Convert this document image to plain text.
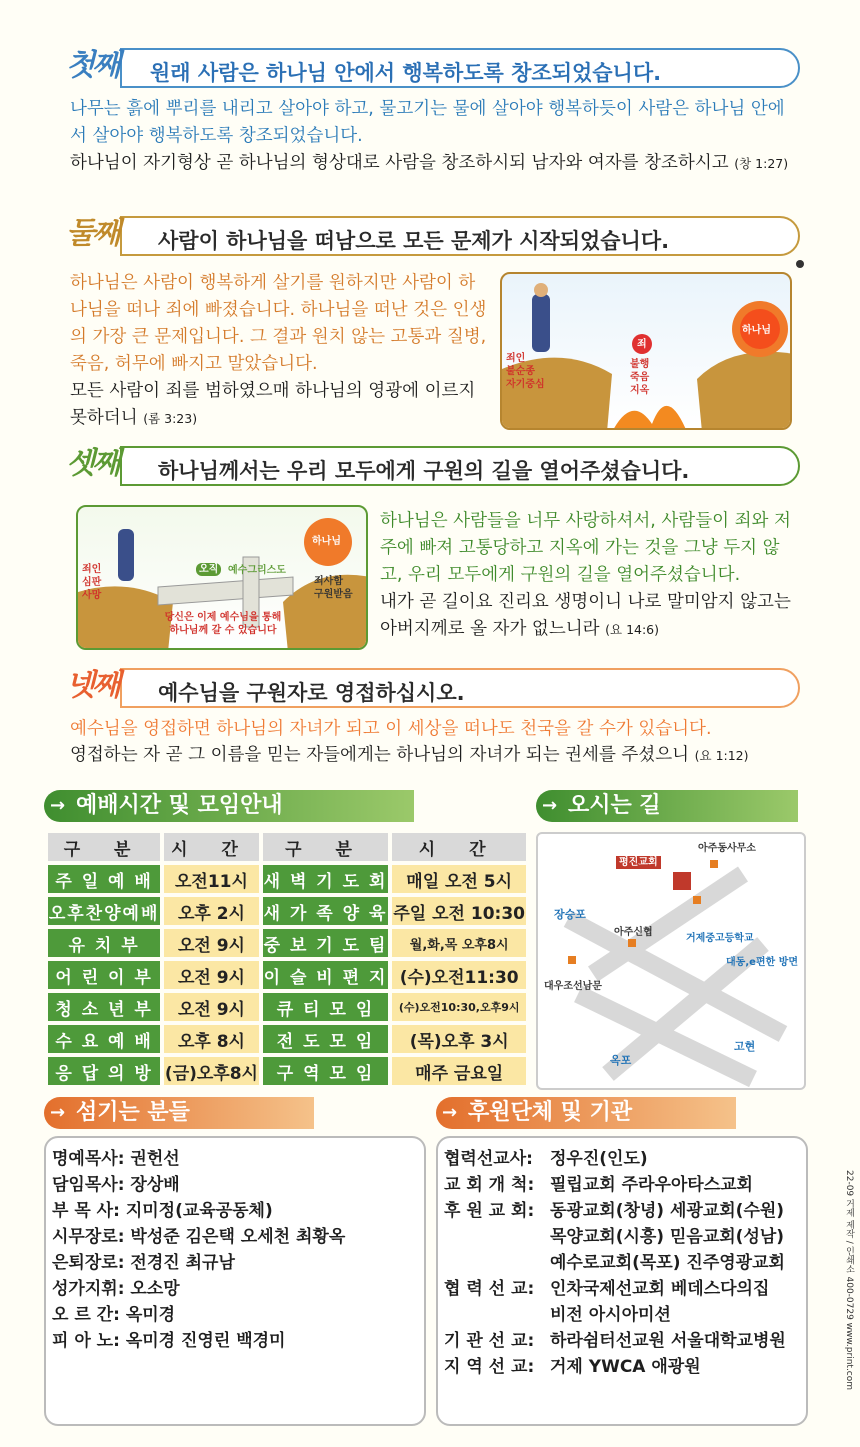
첫째 원래 사람은 하나님 안에서 행복하도록 창조되었습니다.

나무는 흙에 뿌리를 내리고 살아야 하고, 물고기는 물에 살아야 행복하듯이 사람은 하나님 안에서 살아야 행복하도록 창조되었습니다.

하나님이 자기형상 곧 하나님의 형상대로 사람을 창조하시되 남자와 여자를 창조하시고 (창 1:27)

둘째 사람이 하나님을 떠남으로 모든 문제가 시작되었습니다.

하나님은 사람이 행복하게 살기를 원하지만 사람이 하나님을 떠나 죄에 빠졌습니다. 하나님을 떠난 것은 인생의 가장 큰 문제입니다. 그 결과 원치 않는 고통과 질병, 죽음, 허무에 빠지고 말았습니다.

모든 사람이 죄를 범하였으매 하나님의 영광에 이르지 못하더니 (롬 3:23)

하나님
죄
불행
죽음
지옥
죄인
불순종
자기중심
셋째 하나님께서는 우리 모두에게 구원의 길을 열어주셨습니다.
하나님
오직 예수그리스도
죄인
심판
사망
죄사함
구원받음
당신은 이제 예수님을 통해
하나님께 갈 수 있습니다

하나님은 사람들을 너무 사랑하셔서, 사람들이 죄와 저주에 빠져 고통당하고 지옥에 가는 것을 그냥 두지 않고, 우리 모두에게 구원의 길을 열어주셨습니다.

내가 곧 길이요 진리요 생명이니 나로 말미암지 않고는 아버지께로 올 자가 없느니라 (요 14:6)

넷째 예수님을 구원자로 영접하십시오.

예수님을 영접하면 하나님의 자녀가 되고 이 세상을 떠나도 천국을 갈 수가 있습니다.

영접하는 자 곧 그 이름을 믿는 자들에게는 하나님의 자녀가 되는 권세를 주셨으니 (요 1:12)

→ 예배시간 및 모임안내
구 분	시 간	구 분	시 간
주 일 예 배	오전11시	새 벽 기 도 회	매일 오전 5시
오후찬양예배	오후 2시	새 가 족 양 육	주일 오전 10:30
유 치 부	오전 9시	중 보 기 도 팀	월,화,목 오후8시
어 린 이 부	오전 9시	이 슬 비 편 지	(수)오전11:30
청 소 년 부	오전 9시	큐 티 모 임	(수)오전10:30,오후9시
수 요 예 배	오후 8시	전 도 모 임	(목)오후 3시
응 답 의 방	(금)오후8시	구 역 모 임	매주 금요일
→ 오시는 길
아주동사무소
평진교회
장승포
아주신협
거제중고등학교
대동,e편한 방면
대우조선남문
옥포
고현
→ 섬기는 분들
명예목사: 권헌선
담임목사: 장상배
부 목 사: 지미정(교육공동체)
시무장로: 박성준 김은택 오세천 최황옥
은퇴장로: 전경진 최규남
성가지휘: 오소망
오 르 간: 옥미경
피 아 노: 옥미경 진영린 백경미
→ 후원단체 및 기관
협력선교사: 정우진(인도)
교 회 개 척: 필립교회 주라우아타스교회
후 원 교 회: 동광교회(창녕) 세광교회(수원)
목양교회(시흥) 믿음교회(성남)
예수로교회(목포) 진주영광교회
협 력 선 교: 인차국제선교회 베데스다의집
비전 아시아미션
기 관 선 교: 하라쉼터선교원 서울대학교병원
지 역 선 교: 거제 YWCA 애광원	22-09 거제 제작 / 인쇄소 400-0729 www.print.com
